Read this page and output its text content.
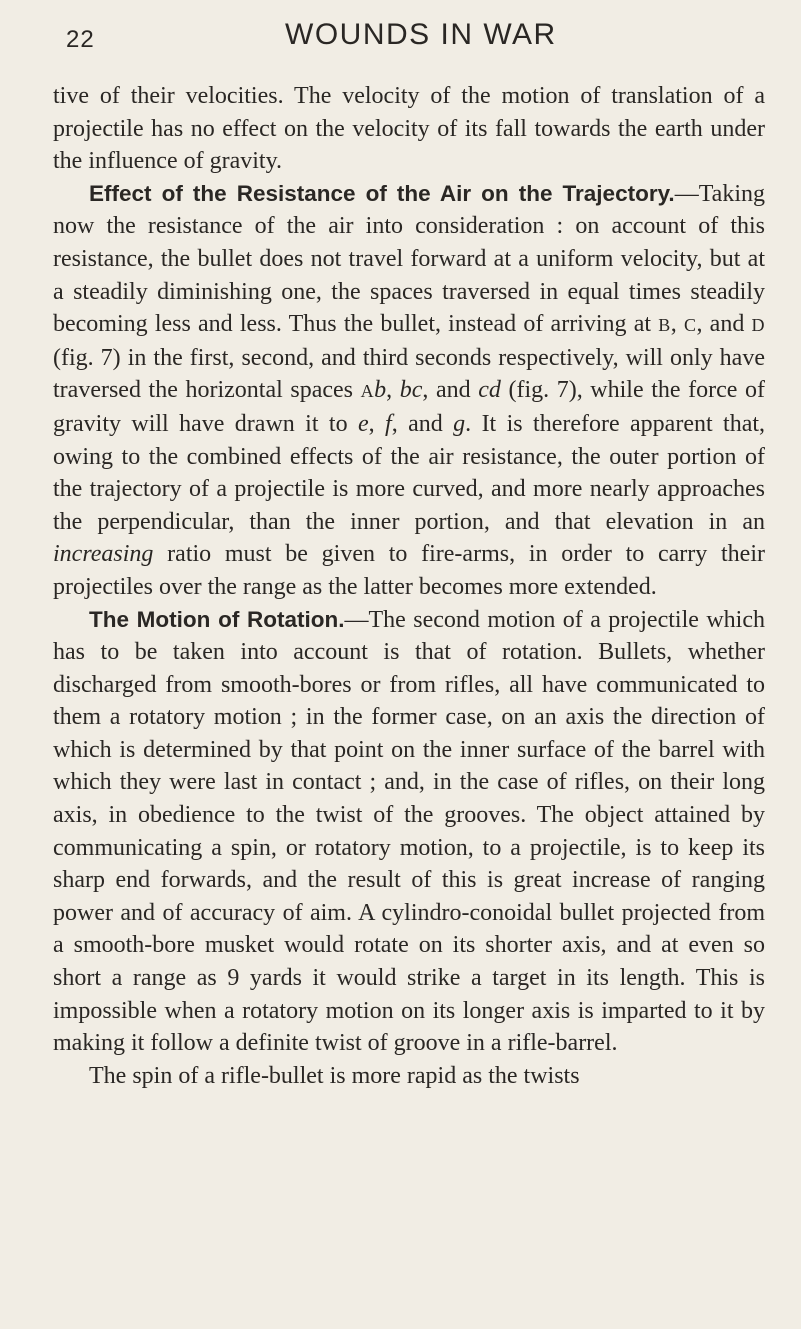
22	WOUNDS IN WAR

tive of their velocities. The velocity of the motion of translation of a projectile has no effect on the velocity of its fall towards the earth under the influence of gravity.

Effect of the Resistance of the Air on the Trajectory.—Taking now the resistance of the air into consideration : on account of this resistance, the bullet does not travel forward at a uniform velocity, but at a steadily diminishing one, the spaces traversed in equal times steadily becoming less and less. Thus the bullet, instead of arriving at B, C, and D (fig. 7) in the first, second, and third seconds respectively, will only have traversed the horizontal spaces Ab, bc, and cd (fig. 7), while the force of gravity will have drawn it to e, f, and g. It is therefore apparent that, owing to the combined effects of the air resistance, the outer portion of the trajectory of a projectile is more curved, and more nearly approaches the perpendicular, than the inner portion, and that elevation in an increasing ratio must be given to fire-arms, in order to carry their projectiles over the range as the latter becomes more extended.

The Motion of Rotation.—The second motion of a projectile which has to be taken into account is that of rotation. Bullets, whether discharged from smooth-bores or from rifles, all have communicated to them a rotatory motion ; in the former case, on an axis the direction of which is determined by that point on the inner surface of the barrel with which they were last in contact ; and, in the case of rifles, on their long axis, in obedience to the twist of the grooves. The object attained by communicating a spin, or rotatory motion, to a projectile, is to keep its sharp end forwards, and the result of this is great increase of ranging power and of accuracy of aim. A cylindro-conoidal bullet projected from a smooth-bore musket would rotate on its shorter axis, and at even so short a range as 9 yards it would strike a target in its length. This is impossible when a rotatory motion on its longer axis is imparted to it by making it follow a definite twist of groove in a rifle-barrel.

The spin of a rifle-bullet is more rapid as the twists
